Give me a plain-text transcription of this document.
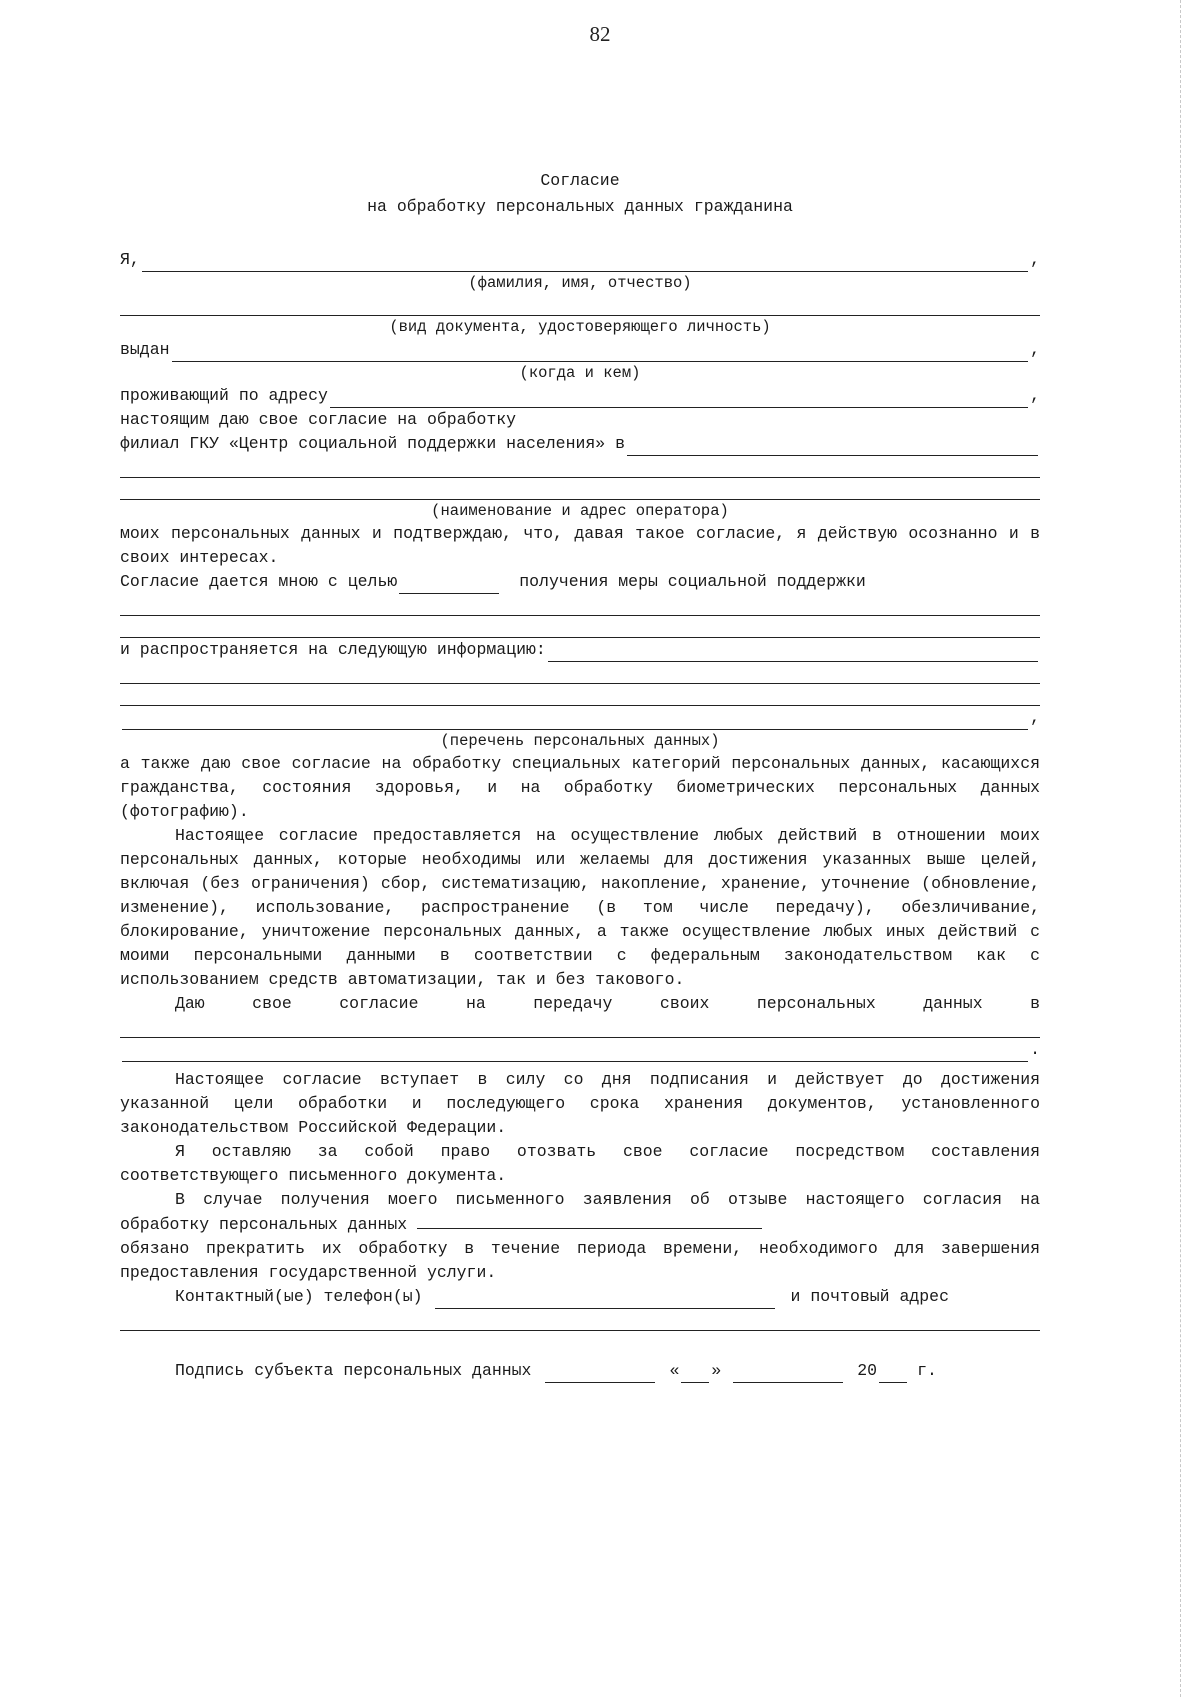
82
Согласие
на обработку персональных данных гражданина
Я,	,
(фамилия, имя, отчество)
(вид документа, удостоверяющего личность)
выдан	,
(когда и кем)
проживающий по адресу	,
настоящим даю свое согласие на обработку
филиал ГКУ «Центр социальной поддержки населения» в
(наименование и адрес оператора)
моих персональных данных и подтверждаю, что, давая такое согласие, я действую осознанно и в своих интересах.
Согласие дается мною с целью	получения меры социальной поддержки
и распространяется на следующую информацию:
,
(перечень персональных данных)
а также даю свое согласие на обработку специальных категорий персональных данных, касающихся гражданства, состояния здоровья, и на обработку биометрических персональных данных (фотографию).
Настоящее согласие предоставляется на осуществление любых действий в отношении моих персональных данных, которые необходимы или желаемы для достижения указанных выше целей, включая (без ограничения) сбор, систематизацию, накопление, хранение, уточнение (обновление, изменение), использование, распространение (в том числе передачу), обезличивание, блокирование, уничтожение персональных данных, а также осуществление любых иных действий с моими персональными данными в соответствии с федеральным законодательством как с использованием средств автоматизации, так и без такового.
Даю свое согласие на передачу своих персональных данных в
.
Настоящее согласие вступает в силу со дня подписания и действует до достижения указанной цели обработки и последующего срока хранения документов, установленного законодательством Российской Федерации.
Я оставляю за собой право отозвать свое согласие посредством составления соответствующего письменного документа.
В случае получения моего письменного заявления об отзыве настоящего согласия на обработку персональных данных
обязано прекратить их обработку в течение периода времени, необходимого для завершения предоставления государственной услуги.
Контактный(ые) телефон(ы)	и почтовый адрес
Подпись субъекта персональных данных	« »	20 г.
